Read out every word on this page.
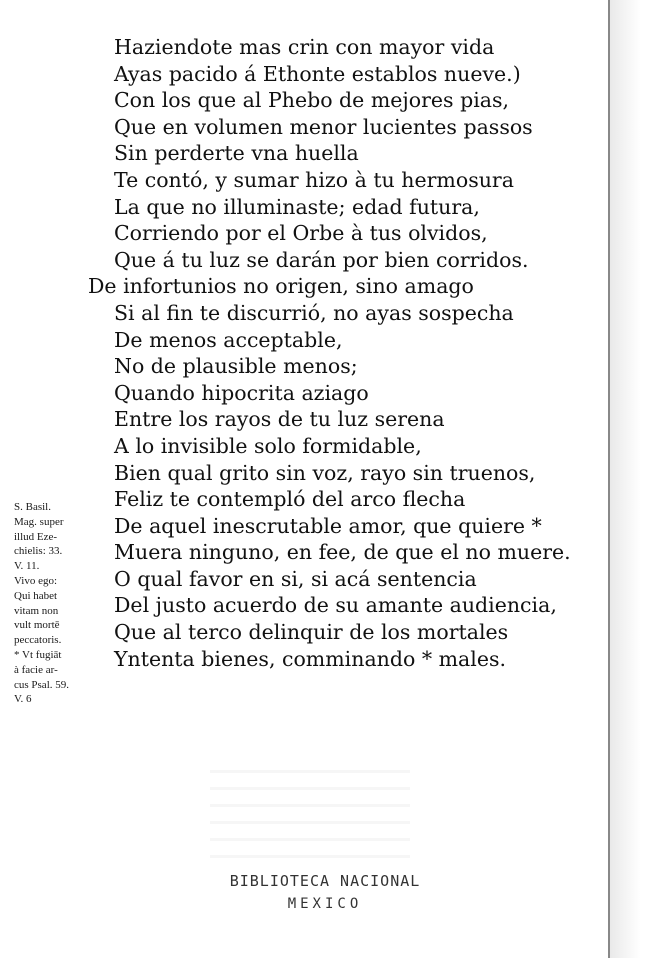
Haziendote mas crin con mayor vida
Ayas pacido á Ethonte establos nueve.)
Con los que al Phebo de mejores pias,
Que en volumen menor lucientes passos
Sin perderte vna huella
Te contó, y sumar hizo à tu hermosura
La que no illuminaste; edad futura,
Corriendo por el Orbe à tus olvidos,
Que á tu luz se darán por bien corridos.
De infortunios no origen, sino amago
Si al fin te discurrió, no ayas sospecha
De menos acceptable,
No de plausible menos;
Quando hipocrita aziago
Entre los rayos de tu luz serena
A lo invisible solo formidable,
Bien qual grito sin voz, rayo sin truenos,
Feliz te contempló del arco flecha
De aquel inescrutable amor, que quiere *
Muera ninguno, en fee, de que el no muere.
O qual favor en si, si acá sentencia
Del justo acuerdo de su amante audiencia,
Que al terco delinquir de los mortales
Yntenta bienes, comminando * males.
S. Basil.
Mag. super
illud Eze-
chielis: 33.
V. 11.
Vivo ego:
Qui habet
vitam non
vult mortē
peccatoris.
* Vt fugiāt
à facie ar-
cus Psal. 59.
V. 6
BIBLIOTECA NACIONAL
MEXICO
